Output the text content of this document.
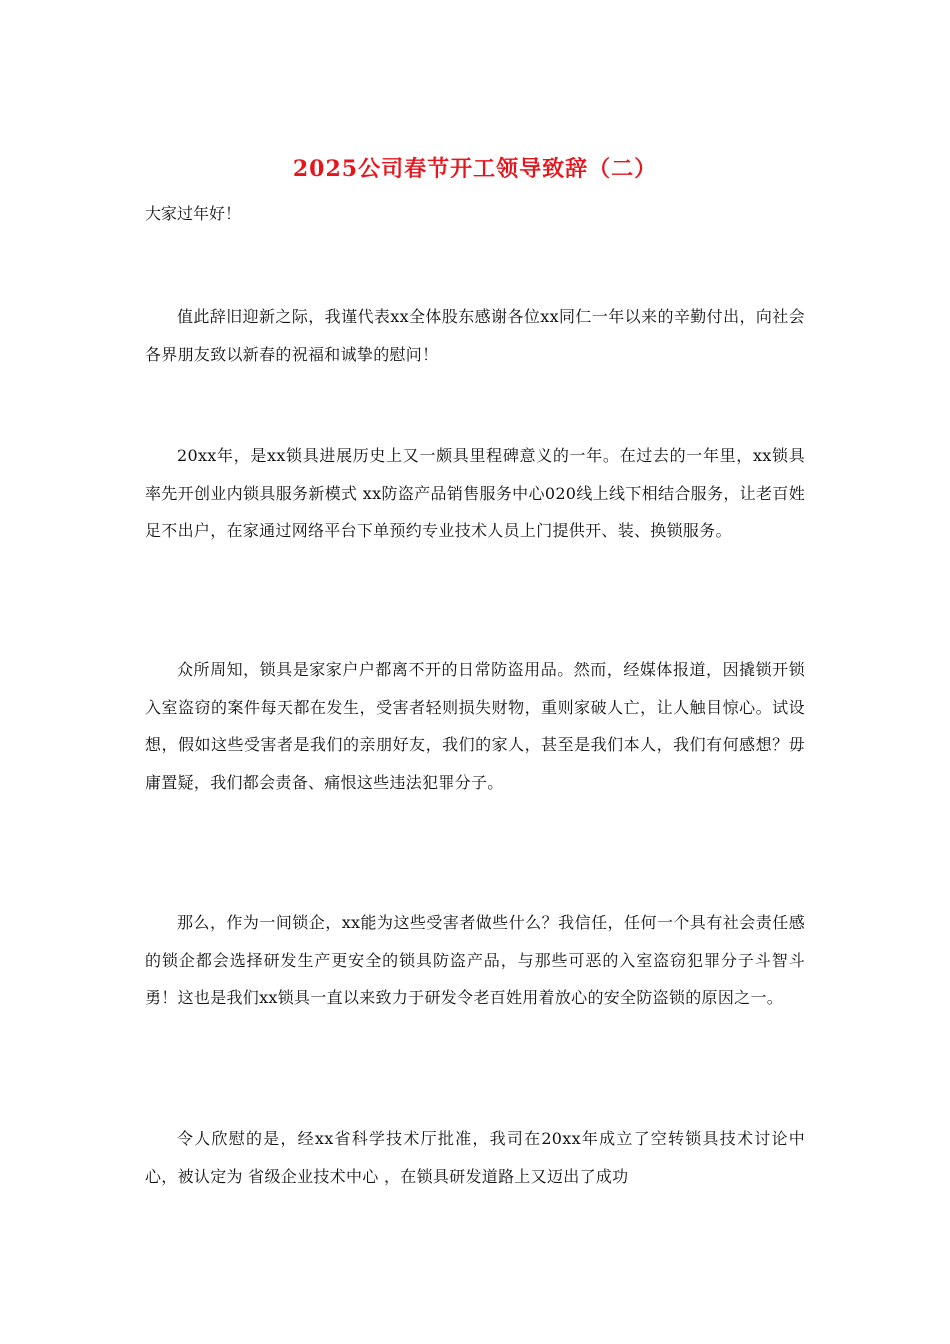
2025公司春节开工领导致辞（二）
大家过年好！
值此辞旧迎新之际，我谨代表xx全体股东感谢各位xx同仁一年以来的辛勤付出，向社会各界朋友致以新春的祝福和诚挚的慰问！
20xx年，是xx锁具进展历史上又一颇具里程碑意义的一年。在过去的一年里，xx锁具率先开创业内锁具服务新模式 xx防盗产品销售服务中心020线上线下相结合服务，让老百姓足不出户，在家通过网络平台下单预约专业技术人员上门提供开、装、换锁服务。
众所周知，锁具是家家户户都离不开的日常防盗用品。然而，经媒体报道，因撬锁开锁入室盗窃的案件每天都在发生，受害者轻则损失财物，重则家破人亡，让人触目惊心。试设想，假如这些受害者是我们的亲朋好友，我们的家人，甚至是我们本人，我们有何感想？毋庸置疑，我们都会责备、痛恨这些违法犯罪分子。
那么，作为一间锁企，xx能为这些受害者做些什么？我信任，任何一个具有社会责任感的锁企都会选择研发生产更安全的锁具防盗产品，与那些可恶的入室盗窃犯罪分子斗智斗勇！这也是我们xx锁具一直以来致力于研发令老百姓用着放心的安全防盗锁的原因之一。
令人欣慰的是，经xx省科学技术厅批准，我司在20xx年成立了空转锁具技术讨论中心，被认定为 省级企业技术中心 ，在锁具研发道路上又迈出了成功
